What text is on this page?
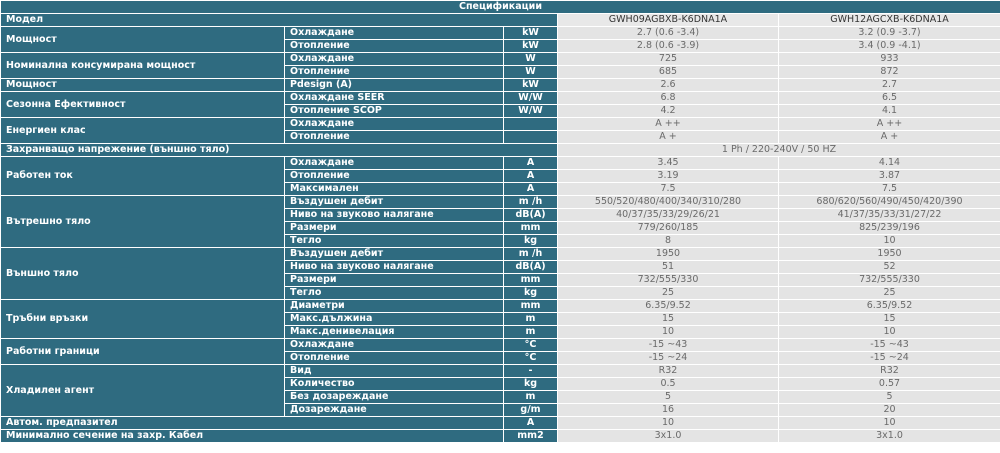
Спецификации				
Модел			GWH09AGBXB-K6DNA1A	GWH12AGCXB-K6DNA1A
Мощност	Охлаждане	kW	2.7 (0.6 -3.4)	3.2 (0.9 -3.7)
	Отопление	kW	2.8 (0.6 -3.9)	3.4 (0.9 -4.1)
Номинална консумирана мощност	Охлаждане	W	725	933
	Отопление	W	685	872
Мощност	Pdesign (A)	kW	2.6	2.7
Сезонна Ефективност	Охлаждане SEER	W/W	6.8	6.5
	Отопление SCOP	W/W	4.2	4.1
Енергиен клас	Охлаждане		A ++	A ++
	Отопление		A +	A +
Захранващо напрежение (външно тяло)			1 Ph / 220-240V / 50 HZ	
Работен ток	Охлаждане	A	3.45	4.14
	Отопление	A	3.19	3.87
	Максимален	A	7.5	7.5
Вътрешно тяло	Въздушен дебит	m /h	550/520/480/400/340/310/280	680/620/560/490/450/420/390
	Ниво на звуково налягане	dB(A)	40/37/35/33/29/26/21	41/37/35/33/31/27/22
	Размери	mm	779/260/185	825/239/196
	Тегло	kg	8	10
Външно тяло	Въздушен дебит	m /h	1950	1950
	Ниво на звуково налягане	dB(A)	51	52
	Размери	mm	732/555/330	732/555/330
	Тегло	kg	25	25
Тръбни връзки	Диаметри	mm	6.35/9.52	6.35/9.52
	Макс.дължина	m	15	15
	Макс.денивелация	m	10	10
Работни граници	Охлаждане	°C	-15 ~43	-15 ~43
	Отопление	°C	-15 ~24	-15 ~24
Хладилен агент	Вид	-	R32	R32
	Количество	kg	0.5	0.57
	Без дозареждане	m	5	5
	Дозареждане	g/m	16	20
Автом. предпазител		A	10	10
Минимално сечение на захр. Кабел		mm2	3x1.0	3x1.0
